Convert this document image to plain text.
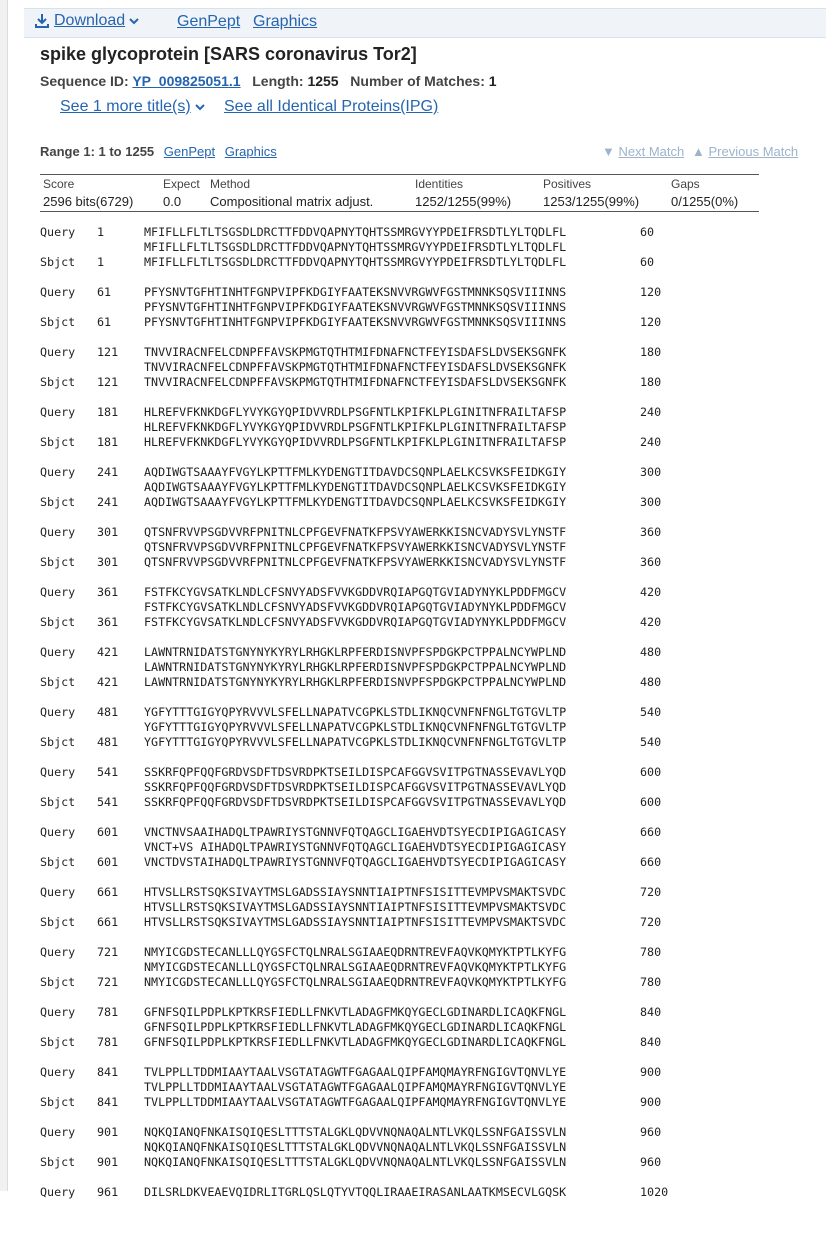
Download	GenPept Graphics
spike glycoprotein [SARS coronavirus Tor2]
Sequence ID: YP_009825051.1 Length: 1255 Number of Matches: 1
See 1 more title(s) See all Identical Proteins(IPG)
Range 1: 1 to 1255 GenPept Graphics	▼ Next Match ▲ Previous Match
Score	Expect Method	Identities	Positives	Gaps
2596 bits(6729) 0.0 Compositional matrix adjust.	1252/1255(99%) 1253/1255(99%) 0/1255(0%)
Query 1	MFIFLLFLTLTSGSDLDRCTTFDDVQAPNYTQHTSSMRGVYYPDEIFRSDTLYLTQDLFL	60
MFIFLLFLTLTSGSDLDRCTTFDDVQAPNYTQHTSSMRGVYYPDEIFRSDTLYLTQDLFL
Sbjct 1	MFIFLLFLTLTSGSDLDRCTTFDDVQAPNYTQHTSSMRGVYYPDEIFRSDTLYLTQDLFL	60
Query 61	PFYSNVTGFHTINHTFGNPVIPFKDGIYFAATEKSNVVRGWVFGSTMNNKSQSVIIINNS	120
PFYSNVTGFHTINHTFGNPVIPFKDGIYFAATEKSNVVRGWVFGSTMNNKSQSVIIINNS
Sbjct 61	PFYSNVTGFHTINHTFGNPVIPFKDGIYFAATEKSNVVRGWVFGSTMNNKSQSVIIINNS	120
Query 121 TNVVIRACNFELCDNPFFAVSKPMGTQTHTMIFDNAFNCTFEYISDAFSLDVSEKSGNFK	180
TNVVIRACNFELCDNPFFAVSKPMGTQTHTMIFDNAFNCTFEYISDAFSLDVSEKSGNFK
Sbjct 121 TNVVIRACNFELCDNPFFAVSKPMGTQTHTMIFDNAFNCTFEYISDAFSLDVSEKSGNFK	180
Query 181 HLREFVFKNKDGFLYVYKGYQPIDVVRDLPSGFNTLKPIFKLPLGINITNFRAILTAFSP	240
HLREFVFKNKDGFLYVYKGYQPIDVVRDLPSGFNTLKPIFKLPLGINITNFRAILTAFSP
Sbjct 181 HLREFVFKNKDGFLYVYKGYQPIDVVRDLPSGFNTLKPIFKLPLGINITNFRAILTAFSP	240
Query 241 AQDIWGTSAAAYFVGYLKPTTFMLKYDENGTITDAVDCSQNPLAELKCSVKSFEIDKGIY	300
AQDIWGTSAAAYFVGYLKPTTFMLKYDENGTITDAVDCSQNPLAELKCSVKSFEIDKGIY
Sbjct 241 AQDIWGTSAAAYFVGYLKPTTFMLKYDENGTITDAVDCSQNPLAELKCSVKSFEIDKGIY	300
Query 301 QTSNFRVVPSGDVVRFPNITNLCPFGEVFNATKFPSVYAWERKKISNCVADYSVLYNSTF	360
QTSNFRVVPSGDVVRFPNITNLCPFGEVFNATKFPSVYAWERKKISNCVADYSVLYNSTF
Sbjct 301 QTSNFRVVPSGDVVRFPNITNLCPFGEVFNATKFPSVYAWERKKISNCVADYSVLYNSTF	360
Query 361 FSTFKCYGVSATKLNDLCFSNVYADSFVVKGDDVRQIAPGQTGVIADYNYKLPDDFMGCV	420
FSTFKCYGVSATKLNDLCFSNVYADSFVVKGDDVRQIAPGQTGVIADYNYKLPDDFMGCV
Sbjct 361 FSTFKCYGVSATKLNDLCFSNVYADSFVVKGDDVRQIAPGQTGVIADYNYKLPDDFMGCV	420
Query 421 LAWNTRNIDATSTGNYNYKYRYLRHGKLRPFERDISNVPFSPDGKPCTPPALNCYWPLND	480
LAWNTRNIDATSTGNYNYKYRYLRHGKLRPFERDISNVPFSPDGKPCTPPALNCYWPLND
Sbjct 421 LAWNTRNIDATSTGNYNYKYRYLRHGKLRPFERDISNVPFSPDGKPCTPPALNCYWPLND	480
Query 481 YGFYTTTGIGYQPYRVVVLSFELLNAPATVCGPKLSTDLIKNQCVNFNFNGLTGTGVLTP	540
YGFYTTTGIGYQPYRVVVLSFELLNAPATVCGPKLSTDLIKNQCVNFNFNGLTGTGVLTP
Sbjct 481 YGFYTTTGIGYQPYRVVVLSFELLNAPATVCGPKLSTDLIKNQCVNFNFNGLTGTGVLTP	540
Query 541 SSKRFQPFQQFGRDVSDFTDSVRDPKTSEILDISPCAFGGVSVITPGTNASSEVAVLYQD	600
SSKRFQPFQQFGRDVSDFTDSVRDPKTSEILDISPCAFGGVSVITPGTNASSEVAVLYQD
Sbjct 541 SSKRFQPFQQFGRDVSDFTDSVRDPKTSEILDISPCAFGGVSVITPGTNASSEVAVLYQD	600
Query 601 VNCTNVSAAIHADQLTPAWRIYSTGNNVFQTQAGCLIGAEHVDTSYECDIPIGAGICASY	660
VNCT+VS AIHADQLTPAWRIYSTGNNVFQTQAGCLIGAEHVDTSYECDIPIGAGICASY
Sbjct 601 VNCTDVSTAIHADQLTPAWRIYSTGNNVFQTQAGCLIGAEHVDTSYECDIPIGAGICASY	660
Query 661 HTVSLLRSTSQKSIVAYTMSLGADSSIAYSNNTIAIPTNFSISITTEVMPVSMAKTSVDC	720
HTVSLLRSTSQKSIVAYTMSLGADSSIAYSNNTIAIPTNFSISITTEVMPVSMAKTSVDC
Sbjct 661 HTVSLLRSTSQKSIVAYTMSLGADSSIAYSNNTIAIPTNFSISITTEVMPVSMAKTSVDC	720
Query 721 NMYICGDSTECANLLLQYGSFCTQLNRALSGIAAEQDRNTREVFAQVKQMYKTPTLKYFG	780
NMYICGDSTECANLLLQYGSFCTQLNRALSGIAAEQDRNTREVFAQVKQMYKTPTLKYFG
Sbjct 721 NMYICGDSTECANLLLQYGSFCTQLNRALSGIAAEQDRNTREVFAQVKQMYKTPTLKYFG	780
Query 781 GFNFSQILPDPLKPTKRSFIEDLLFNKVTLADAGFMKQYGECLGDINARDLICAQKFNGL	840
GFNFSQILPDPLKPTKRSFIEDLLFNKVTLADAGFMKQYGECLGDINARDLICAQKFNGL
Sbjct 781 GFNFSQILPDPLKPTKRSFIEDLLFNKVTLADAGFMKQYGECLGDINARDLICAQKFNGL	840
Query 841 TVLPPLLTDDMIAAYTAALVSGTATAGWTFGAGAALQIPFAMQMAYRFNGIGVTQNVLYE	900
TVLPPLLTDDMIAAYTAALVSGTATAGWTFGAGAALQIPFAMQMAYRFNGIGVTQNVLYE
Sbjct 841 TVLPPLLTDDMIAAYTAALVSGTATAGWTFGAGAALQIPFAMQMAYRFNGIGVTQNVLYE	900
Query 901 NQKQIANQFNKAISQIQESLTTTSTALGKLQDVVNQNAQALNTLVKQLSSNFGAISSVLN	960
NQKQIANQFNKAISQIQESLTTTSTALGKLQDVVNQNAQALNTLVKQLSSNFGAISSVLN
Sbjct 901 NQKQIANQFNKAISQIQESLTTTSTALGKLQDVVNQNAQALNTLVKQLSSNFGAISSVLN	960
Query 961 DILSRLDKVEAEVQIDRLITGRLQSLQTYVTQQLIRAAEIRASANLAATKMSECVLGQSK	1020
